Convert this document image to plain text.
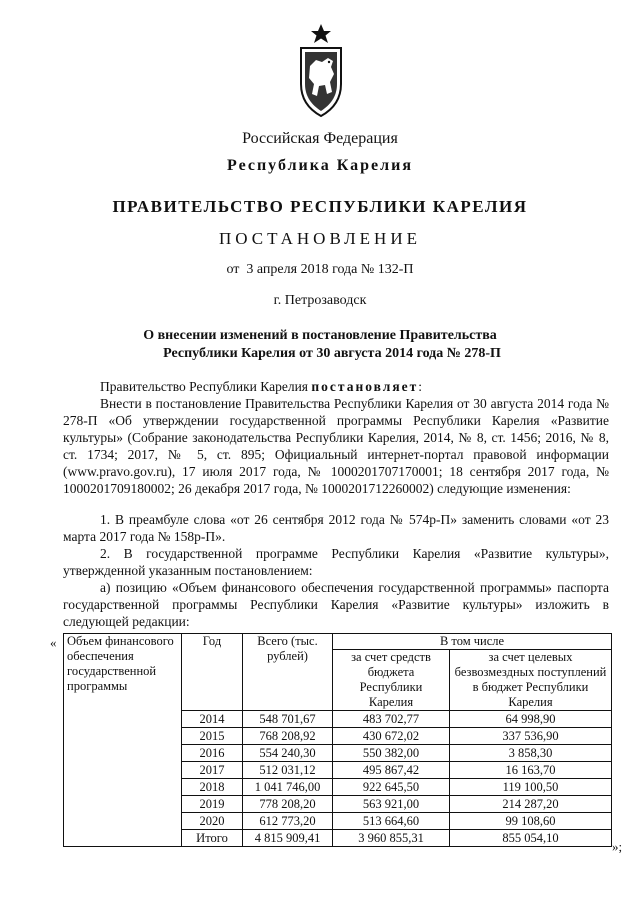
Российская Федерация
Республика Карелия
ПРАВИТЕЛЬСТВО РЕСПУБЛИКИ КАРЕЛИЯ
ПОСТАНОВЛЕНИЕ
от  3 апреля 2018 года № 132-П
г. Петрозаводск
О внесении изменений в постановление Правительства
Республики Карелия от 30 августа 2014 года № 278-П
Правительство Республики Карелия постановляет:
Внести в постановление Правительства Республики Карелия от 30 августа 2014 года № 278-П «Об утверждении государственной программы Республики Карелия «Развитие культуры» (Собрание законодательства Республики Карелия, 2014, № 8, ст. 1456; 2016, № 8, ст. 1734; 2017, № 5, ст. 895; Официальный интернет-портал правовой информации (www.pravo.gov.ru), 17 июля 2017 года, № 1000201707170001; 18 сентября 2017 года, № 1000201709180002; 26 декабря 2017 года, № 1000201712260002) следующие изменения:
1. В преамбуле слова «от 26 сентября 2012 года № 574р-П» заменить словами «от 23 марта 2017 года № 158р-П».
2. В государственной программе Республики Карелия «Развитие культуры», утвержденной указанным постановлением:
а) позицию «Объем финансового обеспечения государственной программы» паспорта государственной программы Республики Карелия «Развитие культуры» изложить в следующей редакции:
« Объем финансового обеспечения государственной программы	Год	Всего (тыс. рублей)	В том числе	
			за счет средств бюджета Республики Карелия	за счет целевых безвозмездных поступлений в бюджет Республики Карелия
	2014	548 701,67	483 702,77	64 998,90
	2015	768 208,92	430 672,02	337 536,90
	2016	554 240,30	550 382,00	3 858,30
	2017	512 031,12	495 867,42	16 163,70
	2018	1 041 746,00	922 645,50	119 100,50
	2019	778 208,20	563 921,00	214 287,20
	2020	612 773,20	513 664,60	99 108,60
	Итого	4 815 909,41	3 960 855,31	855 054,10
»;
